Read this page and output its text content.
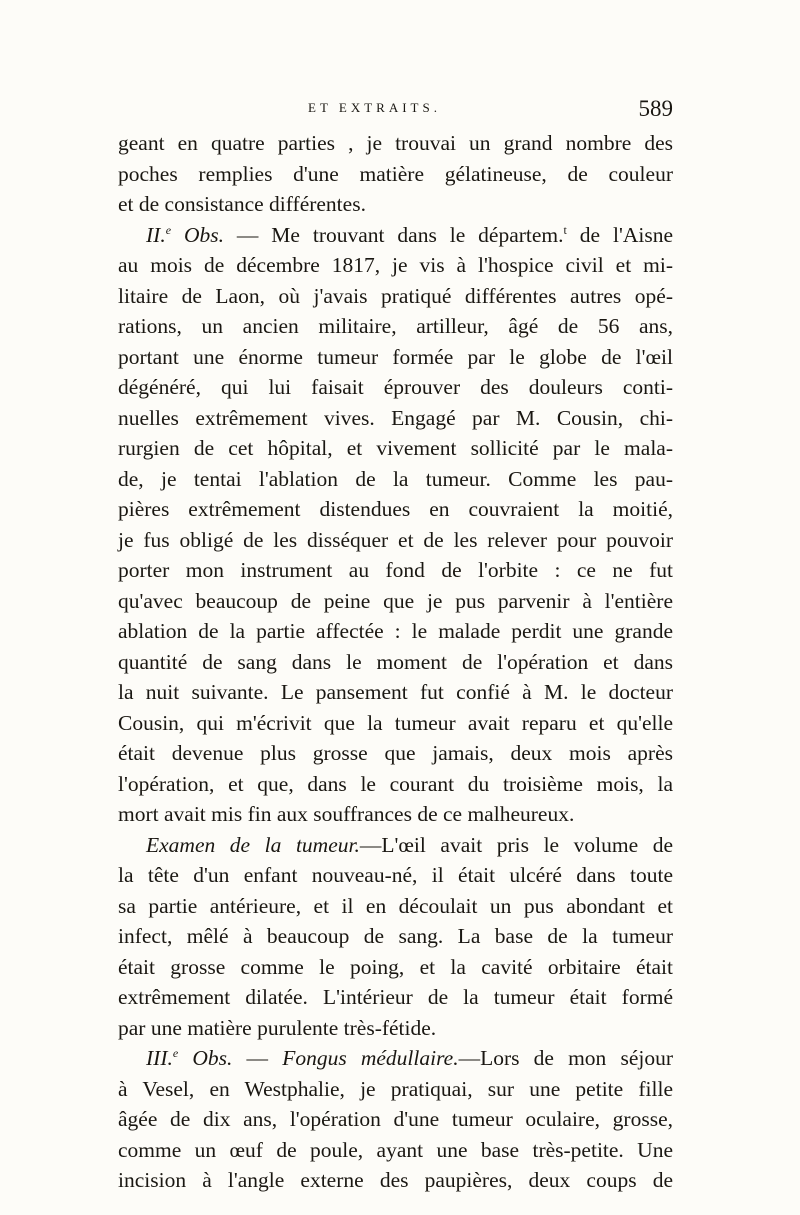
ET EXTRAITS.	589
geant en quatre parties , je trouvai un grand nombre des
poches remplies d'une matière gélatineuse, de couleur
et de consistance différentes.
II.$^e$ Obs. — Me trouvant dans le départem.$^t$ de l'Aisne
au mois de décembre 1817, je vis à l'hospice civil et mi-
litaire de Laon, où j'avais pratiqué différentes autres opé-
rations, un ancien militaire, artilleur, âgé de 56 ans,
portant une énorme tumeur formée par le globe de l'œil
dégénéré, qui lui faisait éprouver des douleurs conti-
nuelles extrêmement vives. Engagé par M. Cousin, chi-
rurgien de cet hôpital, et vivement sollicité par le mala-
de, je tentai l'ablation de la tumeur. Comme les pau-
pières extrêmement distendues en couvraient la moitié,
je fus obligé de les disséquer et de les relever pour pouvoir
porter mon instrument au fond de l'orbite : ce ne fut
qu'avec beaucoup de peine que je pus parvenir à l'entière
ablation de la partie affectée : le malade perdit une grande
quantité de sang dans le moment de l'opération et dans
la nuit suivante. Le pansement fut confié à M. le docteur
Cousin, qui m'écrivit que la tumeur avait reparu et qu'elle
était devenue plus grosse que jamais, deux mois après
l'opération, et que, dans le courant du troisième mois, la
mort avait mis fin aux souffrances de ce malheureux.
Examen de la tumeur.—L'œil avait pris le volume de
la tête d'un enfant nouveau-né, il était ulcéré dans toute
sa partie antérieure, et il en découlait un pus abondant et
infect, mêlé à beaucoup de sang. La base de la tumeur
était grosse comme le poing, et la cavité orbitaire était
extrêmement dilatée. L'intérieur de la tumeur était formé
par une matière purulente très-fétide.
III.$^e$ Obs. — Fongus médullaire.—Lors de mon séjour
à Vesel, en Westphalie, je pratiquai, sur une petite fille
âgée de dix ans, l'opération d'une tumeur oculaire, grosse,
comme un œuf de poule, ayant une base très-petite. Une
incision à l'angle externe des paupières, deux coups de
